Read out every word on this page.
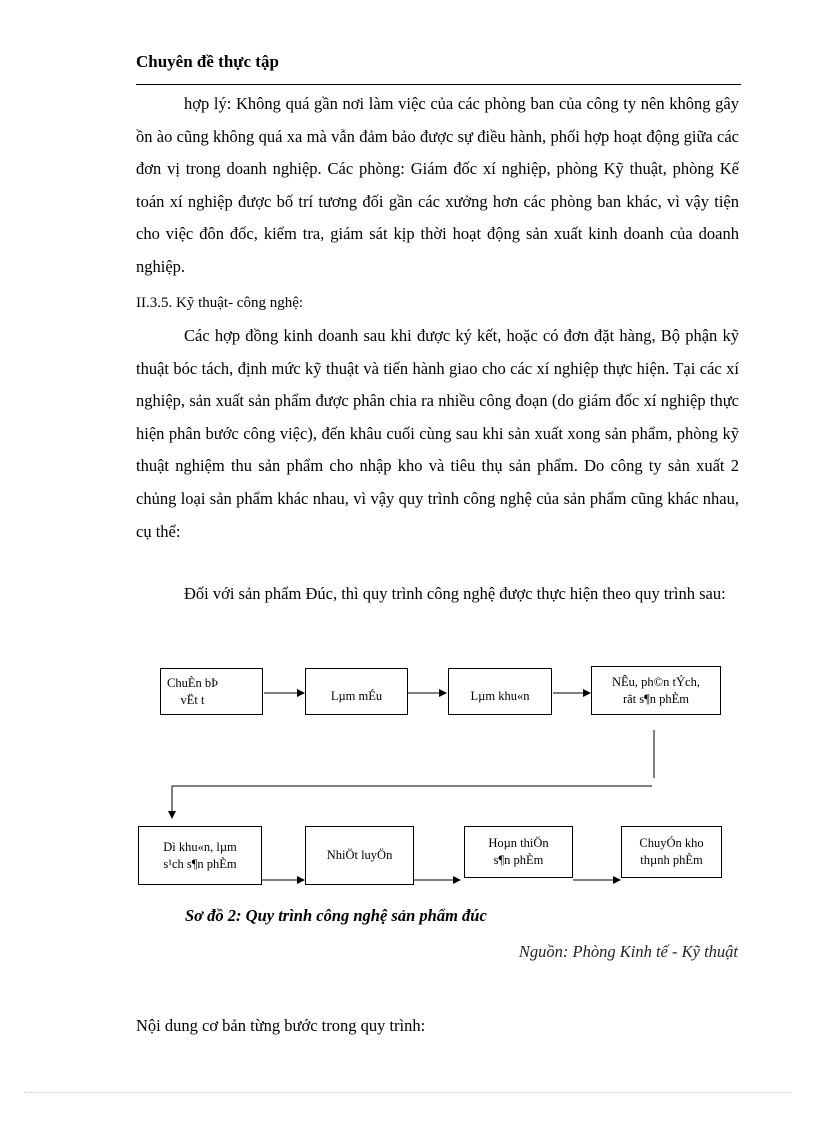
Chuyên đề thực tập

hợp lý: Không quá gần nơi làm việc của các phòng ban của công ty nên không gây ồn ào cũng không quá xa mà vẫn đảm bảo được sự điều hành, phối hợp hoạt động giữa các đơn vị trong doanh nghiệp. Các phòng: Giám đốc xí nghiệp, phòng Kỹ thuật, phòng Kế toán xí nghiệp được bố trí tương đối gần các xưởng hơn các phòng ban khác, vì vậy tiện cho việc đôn đốc, kiểm tra, giám sát kịp thời hoạt động sản xuất kinh doanh của doanh nghiệp.

II.3.5. Kỹ thuật- công nghệ:

Các hợp đồng kinh doanh sau khi được ký kết, hoặc có đơn đặt hàng, Bộ phận kỹ thuật bóc tách, định mức kỹ thuật và tiến hành giao cho các xí nghiệp thực hiện. Tại các xí nghiệp, sản xuất sản phẩm được phân chia ra nhiều công đoạn (do giám đốc xí nghiệp thực hiện phân bước công việc), đến khâu cuối cùng sau khi sản xuất xong sản phẩm, phòng kỹ thuật nghiệm thu sản phẩm cho nhập kho và tiêu thụ sản phẩm. Do công ty sản xuất 2 chủng loại sản phẩm khác nhau, vì vậy quy trình công nghệ của sản phẩm cũng khác nhau, cụ thể:

Đối với sản phẩm Đúc, thì quy trình công nghệ được thực hiện theo quy trình sau:

ChuÈn bÞ
vËt t	Lµm mÉu	Lµm khu«n
NÊu, ph©n tÝch,
rãt s¶n phÈm
Dì khu«n, lµm
s¹ch s¶n phÈm
NhiÖt luyÖn
Hoµn thiÖn
s¶n phÈm
ChuyÓn kho
thµnh phÈm
Sơ đồ 2: Quy trình công nghệ sản phẩm đúc
Nguồn: Phòng Kinh tế - Kỹ thuật
Nội dung cơ bản từng bước trong quy trình:
